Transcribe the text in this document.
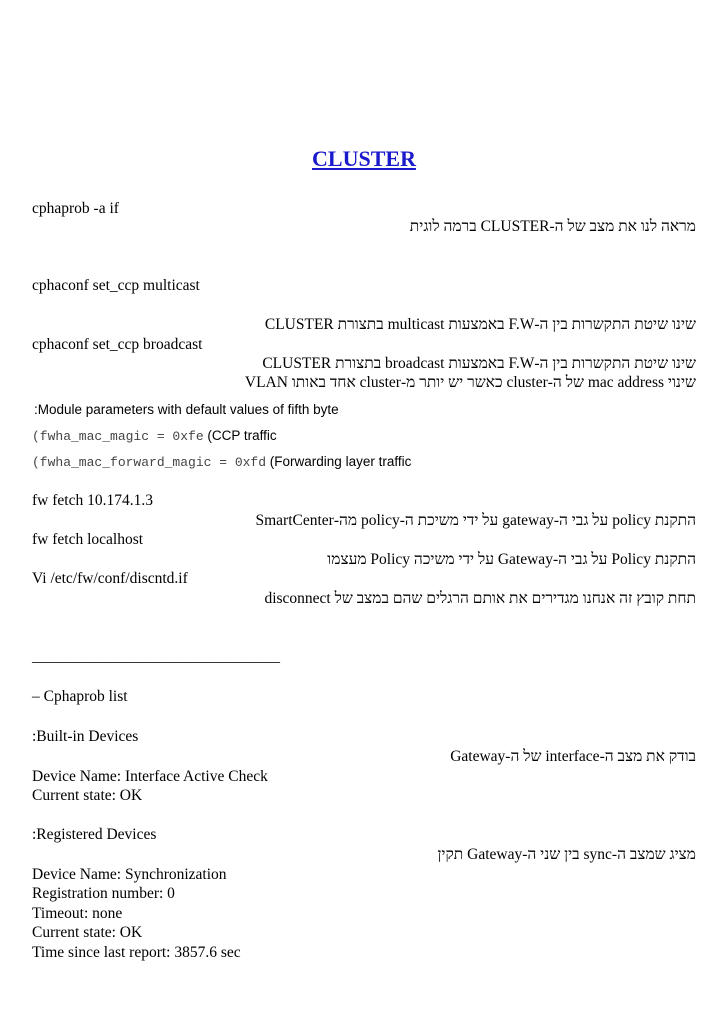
CLUSTER
cphaprob -a if
מראה לנו את מצב של ה-CLUSTER ברמה לוגית
cphaconf set_ccp multicast
שינו שיטת התקשרות בין ה-F.W באמצעות multicast בתצורת CLUSTER
cphaconf set_ccp broadcast
שינו שיטת התקשרות בין ה-F.W באמצעות broadcast בתצורת CLUSTER
שינוי mac address של ה-cluster כאשר יש יותר מ-cluster אחד באותו VLAN
:Module parameters with default values of fifth byte
(fwha_mac_magic = 0xfe (CCP traffic
(fwha_mac_forward_magic = 0xfd (Forwarding layer traffic
fw fetch 10.174.1.3
התקנת policy על גבי ה-gateway על ידי משיכת ה-policy מה-SmartCenter
fw fetch localhost
התקנת Policy על גבי ה-Gateway על ידי משיכה Policy מעצמו
Vi /etc/fw/conf/discntd.if
תחת קובץ זה אנחנו מגדירים את אותם הרגלים שהם במצב של disconnect
________________________________
– Cphaprob list
:Built-in Devices
בודק את מצב ה-interface של ה-Gateway
Device Name: Interface Active Check
Current state: OK
:Registered Devices
מציג שמצב ה-sync בין שני ה-Gateway תקין
Device Name: Synchronization
Registration number: 0
Timeout: none
Current state: OK
Time since last report: 3857.6 sec
